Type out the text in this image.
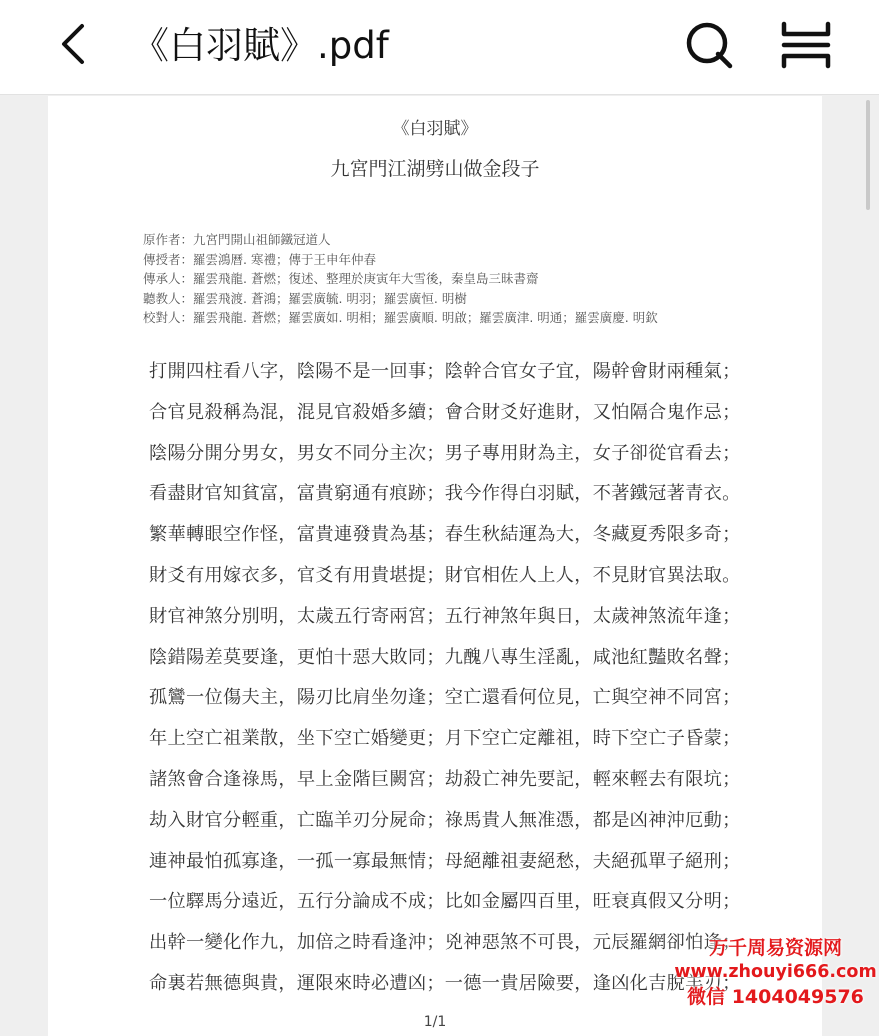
《白羽賦》.pdf
《白羽賦》
九宮門江湖劈山做金段子
原作者：九宮門開山祖師鐵冠道人
傳授者：羅雲鴻曆. 寒禮；傳于王申年仲春
傳承人：羅雲飛龍. 蒼燃；復述、整理於庚寅年大雪後，秦皇島三昧書齋
聽教人：羅雲飛渡. 蒼鴻；羅雲廣毓. 明羽；羅雲廣恒. 明樹
校對人：羅雲飛龍. 蒼燃；羅雲廣如. 明相；羅雲廣順. 明啟；羅雲廣津. 明通；羅雲廣慶. 明欽
打開四柱看八字，陰陽不是一回事；陰幹合官女子宜，陽幹會財兩種氣；
合官見殺稱為混，混見官殺婚多續；會合財爻好進財，又怕隔合鬼作忌；
陰陽分開分男女，男女不同分主次；男子專用財為主，女子卻從官看去；
看盡財官知貧富，富貴窮通有痕跡；我今作得白羽賦，不著鐵冠著青衣。
繁華轉眼空作怪，富貴連發貴為基；春生秋結運為大，冬藏夏秀限多奇；
財爻有用嫁衣多，官爻有用貴堪提；財官相佐人上人，不見財官異法取。
財官神煞分別明，太歲五行寄兩宮；五行神煞年與日，太歲神煞流年逢；
陰錯陽差莫要逢，更怕十惡大敗同；九醜八專生淫亂，咸池紅豔敗名聲；
孤鸞一位傷夫主，陽刃比肩坐勿逢；空亡還看何位見，亡與空神不同宮；
年上空亡祖業散，坐下空亡婚變更；月下空亡定離祖，時下空亡子昏蒙；
諸煞會合逢祿馬，早上金階巨闕宮；劫殺亡神先要記，輕來輕去有限坑；
劫入財官分輕重，亡臨羊刃分屍命；祿馬貴人無准憑，都是凶神沖厄動；
連神最怕孤寡逢，一孤一寡最無情；母絕離祖妻絕愁，夫絕孤單子絕刑；
一位驛馬分遠近，五行分論成不成；比如金屬四百里，旺衰真假又分明；
出幹一變化作九，加倍之時看逢沖；兇神惡煞不可畏，元辰羅網卻怕逢；
命裏若無德與貴，運限來時必遭凶；一德一貴居險要，逢凶化吉脫羊刃；
1/1
万千周易资源网
www.zhouyi666.com
微信 1404049576
